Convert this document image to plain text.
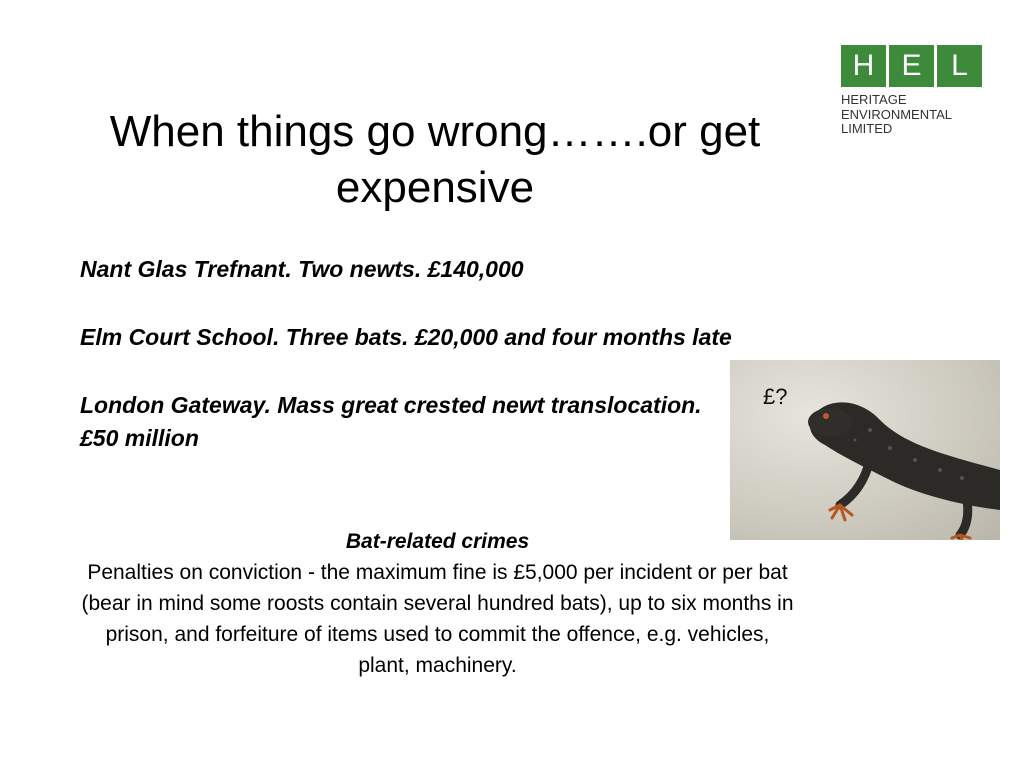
H E L
HERITAGE
ENVIRONMENTAL
LIMITED
When things go wrong…….or get expensive

Nant Glas Trefnant. Two newts. £140,000

Elm Court School. Three bats. £20,000 and four months late

London Gateway. Mass great crested newt translocation. £50 million

£?
Bat-related crimes
Penalties on conviction - the maximum fine is £5,000 per incident or per bat (bear in mind some roosts contain several hundred bats), up to six months in prison, and forfeiture of items used to commit the offence, e.g. vehicles, plant, machinery.
